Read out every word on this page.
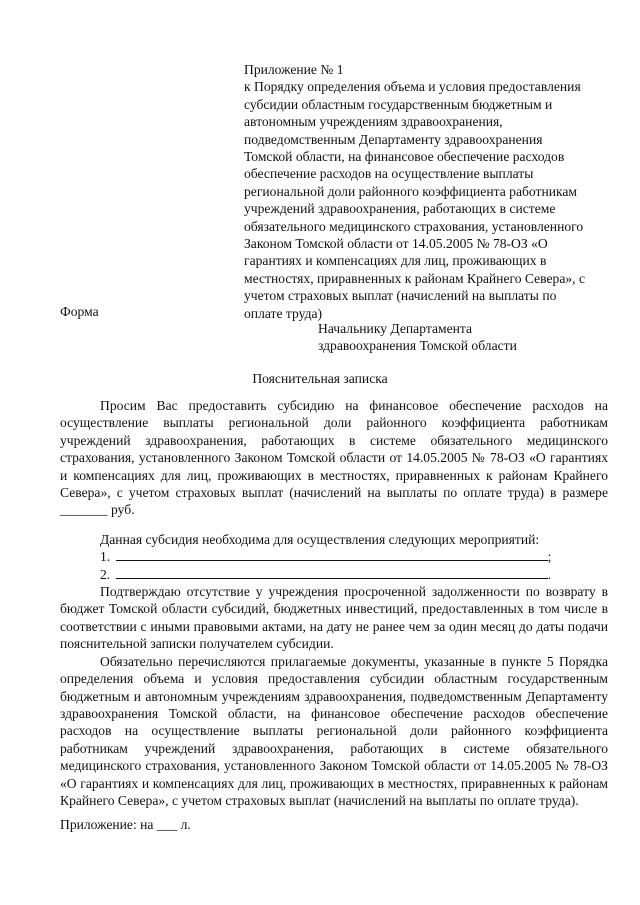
Приложение № 1
к Порядку определения объема и условия предоставления
субсидии областным государственным бюджетным и
автономным учреждениям здравоохранения,
подведомственным Департаменту здравоохранения
Томской области, на финансовое обеспечение расходов
обеспечение расходов на осуществление выплаты
региональной доли районного коэффициента работникам
учреждений здравоохранения, работающих в системе
обязательного медицинского страхования, установленного
Законом Томской области от 14.05.2005 № 78-ОЗ «О
гарантиях и компенсациях для лиц, проживающих в
местностях, приравненных к районам Крайнего Севера», с
учетом страховых выплат (начислений на выплаты по
оплате труда)
Форма
Начальнику Департамента
здравоохранения Томской области
Пояснительная записка

Просим Вас предоставить субсидию на финансовое обеспечение расходов на осуществление выплаты региональной доли районного коэффициента работникам учреждений здравоохранения, работающих в системе обязательного медицинского страхования, установленного Законом Томской области от 14.05.2005 № 78-ОЗ «О гарантиях и компенсациях для лиц, проживающих в местностях, приравненных к районам Крайнего Севера», с учетом страховых выплат (начислений на выплаты по оплате труда) в размере _______ руб.

Данная субсидия необходима для осуществления следующих мероприятий:
1.	;
2.	.

Подтверждаю отсутствие у учреждения просроченной задолженности по возврату в бюджет Томской области субсидий, бюджетных инвестиций, предоставленных в том числе в соответствии с иными правовыми актами, на дату не ранее чем за один месяц до даты подачи пояснительной записки получателем субсидии.

Обязательно перечисляются прилагаемые документы, указанные в пункте 5 Порядка определения объема и условия предоставления субсидии областным государственным бюджетным и автономным учреждениям здравоохранения, подведомственным Департаменту здравоохранения Томской области, на финансовое обеспечение расходов обеспечение расходов на осуществление выплаты региональной доли районного коэффициента работникам учреждений здравоохранения, работающих в системе обязательного медицинского страхования, установленного Законом Томской области от 14.05.2005 № 78-ОЗ «О гарантиях и компенсациях для лиц, проживающих в местностях, приравненных к районам Крайнего Севера», с учетом страховых выплат (начислений на выплаты по оплате труда).

Приложение: на ___ л.
